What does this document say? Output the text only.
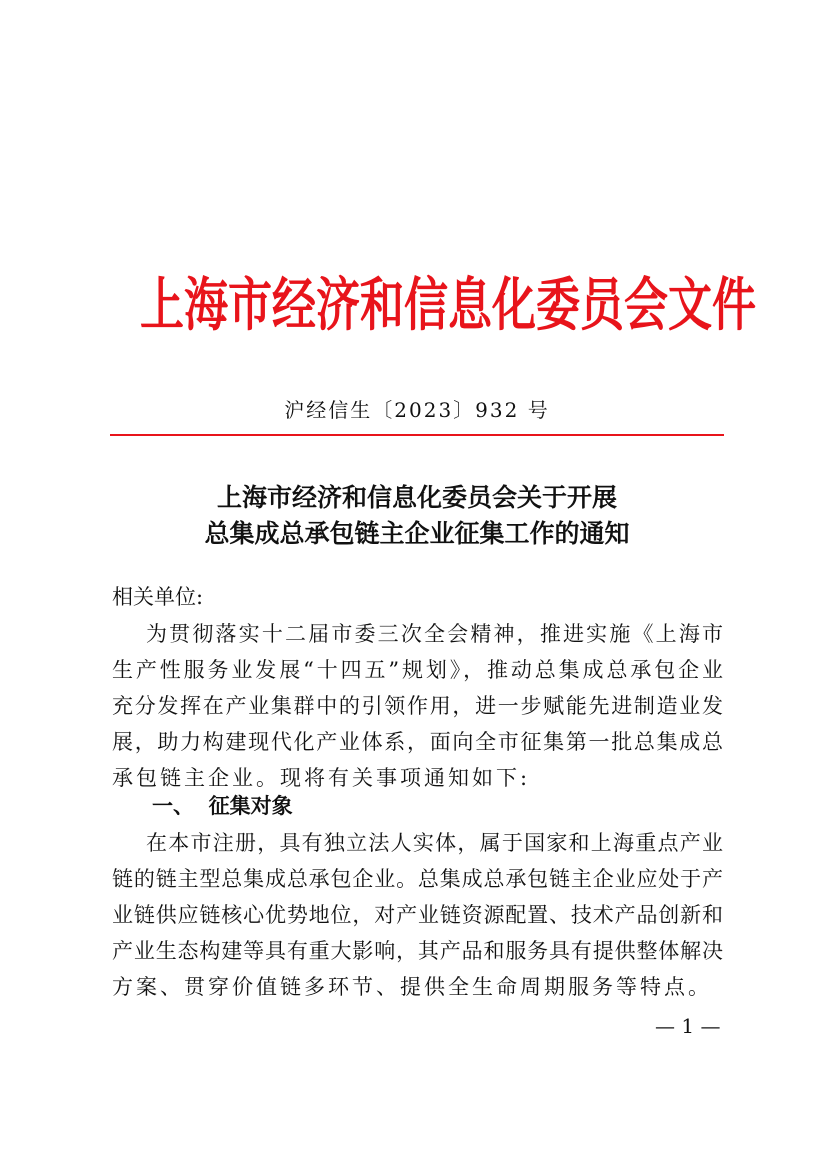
上海市经济和信息化委员会文件
沪经信生〔2023〕932 号
上海市经济和信息化委员会关于开展
总集成总承包链主企业征集工作的通知
相关单位:
为贯彻落实十二届市委三次全会精神，推进实施《上海市
生产性服务业发展“十四五”规划》，推动总集成总承包企业
充分发挥在产业集群中的引领作用，进一步赋能先进制造业发
展，助力构建现代化产业体系，面向全市征集第一批总集成总
承包链主企业。现将有关事项通知如下:
一、  征集对象
在本市注册，具有独立法人实体，属于国家和上海重点产业
链的链主型总集成总承包企业。总集成总承包链主企业应处于产
业链供应链核心优势地位，对产业链资源配置、技术产品创新和
产业生态构建等具有重大影响，其产品和服务具有提供整体解决
方案、贯穿价值链多环节、提供全生命周期服务等特点。
— 1 —
